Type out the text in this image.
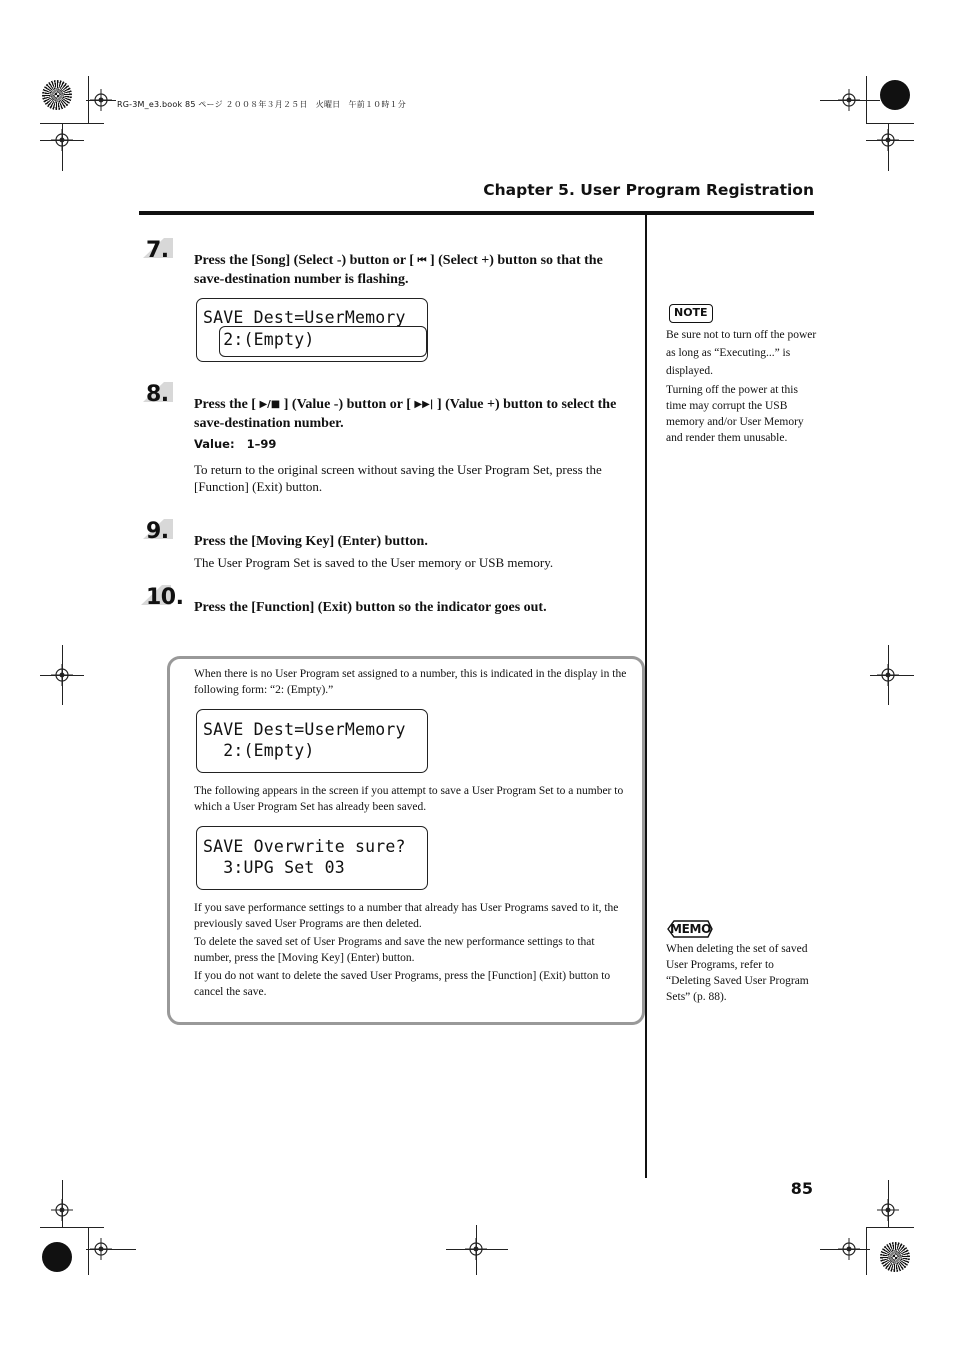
RG-3M_e3.book 85 ページ ２００８年３月２５日　火曜日　午前１０時１分
Chapter 5. User Program Registration
7. Press the [Song] (Select -) button or [ ⏮ ] (Select +) button so that the save-destination number is flashing.
SAVE Dest=UserMemory
2:(Empty)
8. Press the [ ▶/■ ] (Value -) button or [ ▶▶| ] (Value +) button to select the save-destination number.
Value: 1–99
To return to the original screen without saving the User Program Set, press the [Function] (Exit) button.
9. Press the [Moving Key] (Enter) button.
The User Program Set is saved to the User memory or USB memory.
10. Press the [Function] (Exit) button so the indicator goes out.
When there is no User Program set assigned to a number, this is indicated in the display in the following form: “2: (Empty).”
SAVE Dest=UserMemory
2:(Empty)
The following appears in the screen if you attempt to save a User Program Set to a number to which a User Program Set has already been saved.
SAVE Overwrite sure?
3:UPG Set 03
If you save performance settings to a number that already has User Programs saved to it, the previously saved User Programs are then deleted.
To delete the saved set of User Programs and save the new performance settings to that number, press the [Moving Key] (Enter) button.
If you do not want to delete the saved User Programs, press the [Function] (Exit) button to cancel the save.
NOTE
Be sure not to turn off the power as long as “Executing...” is displayed.
Turning off the power at this time may corrupt the USB memory and/or User Memory and render them unusable.
MEMO
When deleting the set of saved User Programs, refer to “Deleting Saved User Program Sets” (p. 88).
85
